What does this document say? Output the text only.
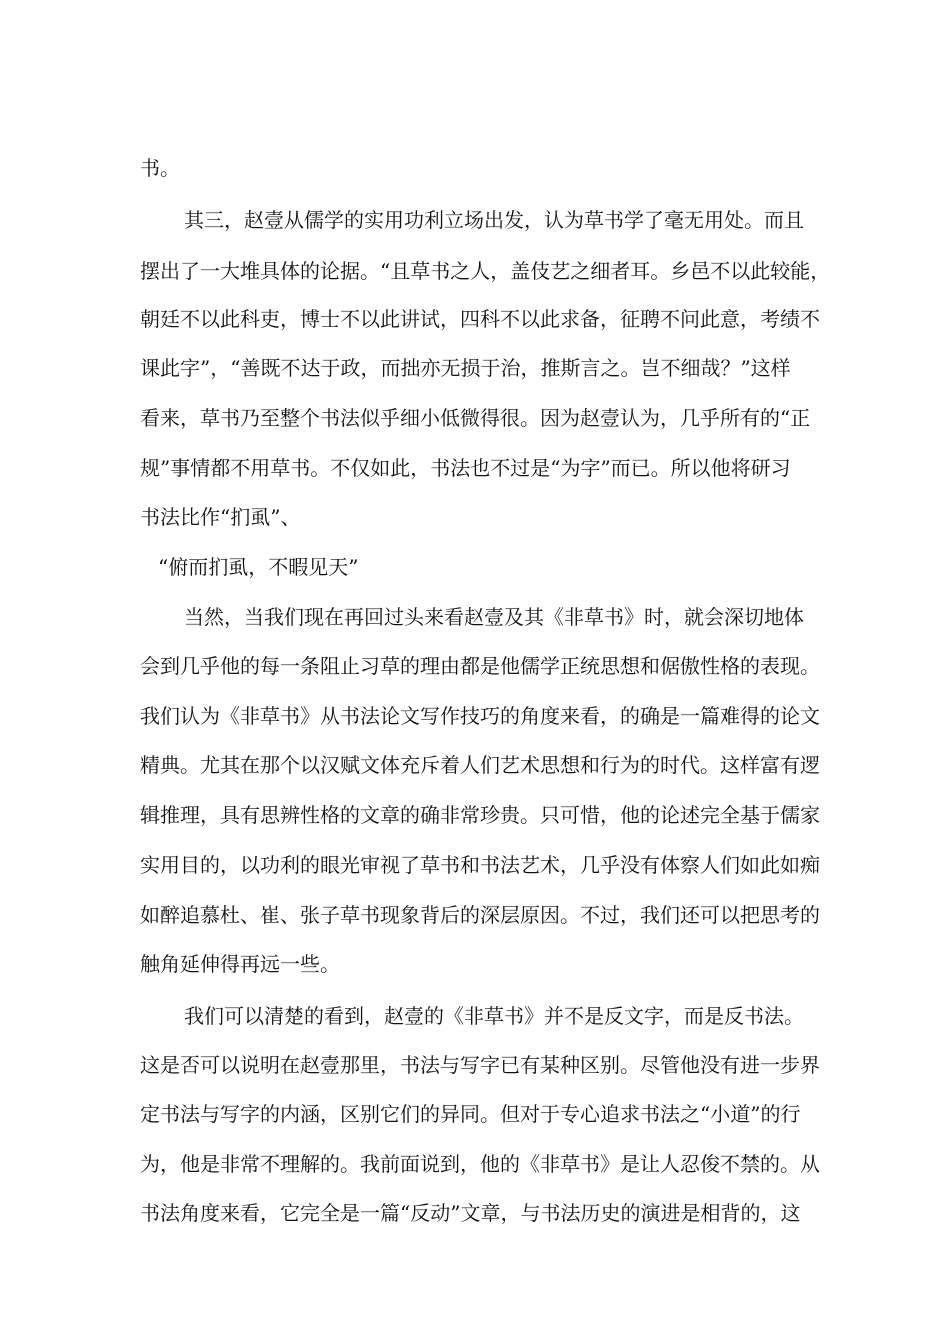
书。
其三，赵壹从儒学的实用功利立场出发，认为草书学了毫无用处。而且
摆出了一大堆具体的论据。“且草书之人，盖伎艺之细者耳。乡邑不以此较能，
朝廷不以此科吏，博士不以此讲试，四科不以此求备，征聘不问此意，考绩不
课此字”，“善既不达于政，而拙亦无损于治，推斯言之。岂不细哉？”这样
看来，草书乃至整个书法似乎细小低微得很。因为赵壹认为，几乎所有的“正
规”事情都不用草书。不仅如此，书法也不过是“为字”而已。所以他将研习
书法比作“扪虱”、
“俯而扪虱，不暇见天”
当然，当我们现在再回过头来看赵壹及其《非草书》时，就会深切地体
会到几乎他的每一条阻止习草的理由都是他儒学正统思想和倨傲性格的表现。
我们认为《非草书》从书法论文写作技巧的角度来看，的确是一篇难得的论文
精典。尤其在那个以汉赋文体充斥着人们艺术思想和行为的时代。这样富有逻
辑推理，具有思辨性格的文章的确非常珍贵。只可惜，他的论述完全基于儒家
实用目的，以功利的眼光审视了草书和书法艺术，几乎没有体察人们如此如痴
如醉追慕杜、崔、张子草书现象背后的深层原因。不过，我们还可以把思考的
触角延伸得再远一些。
我们可以清楚的看到，赵壹的《非草书》并不是反文字，而是反书法。
这是否可以说明在赵壹那里，书法与写字已有某种区别。尽管他没有进一步界
定书法与写字的内涵，区别它们的异同。但对于专心追求书法之“小道”的行
为，他是非常不理解的。我前面说到，他的《非草书》是让人忍俊不禁的。从
书法角度来看，它完全是一篇“反动”文章，与书法历史的演进是相背的，这
